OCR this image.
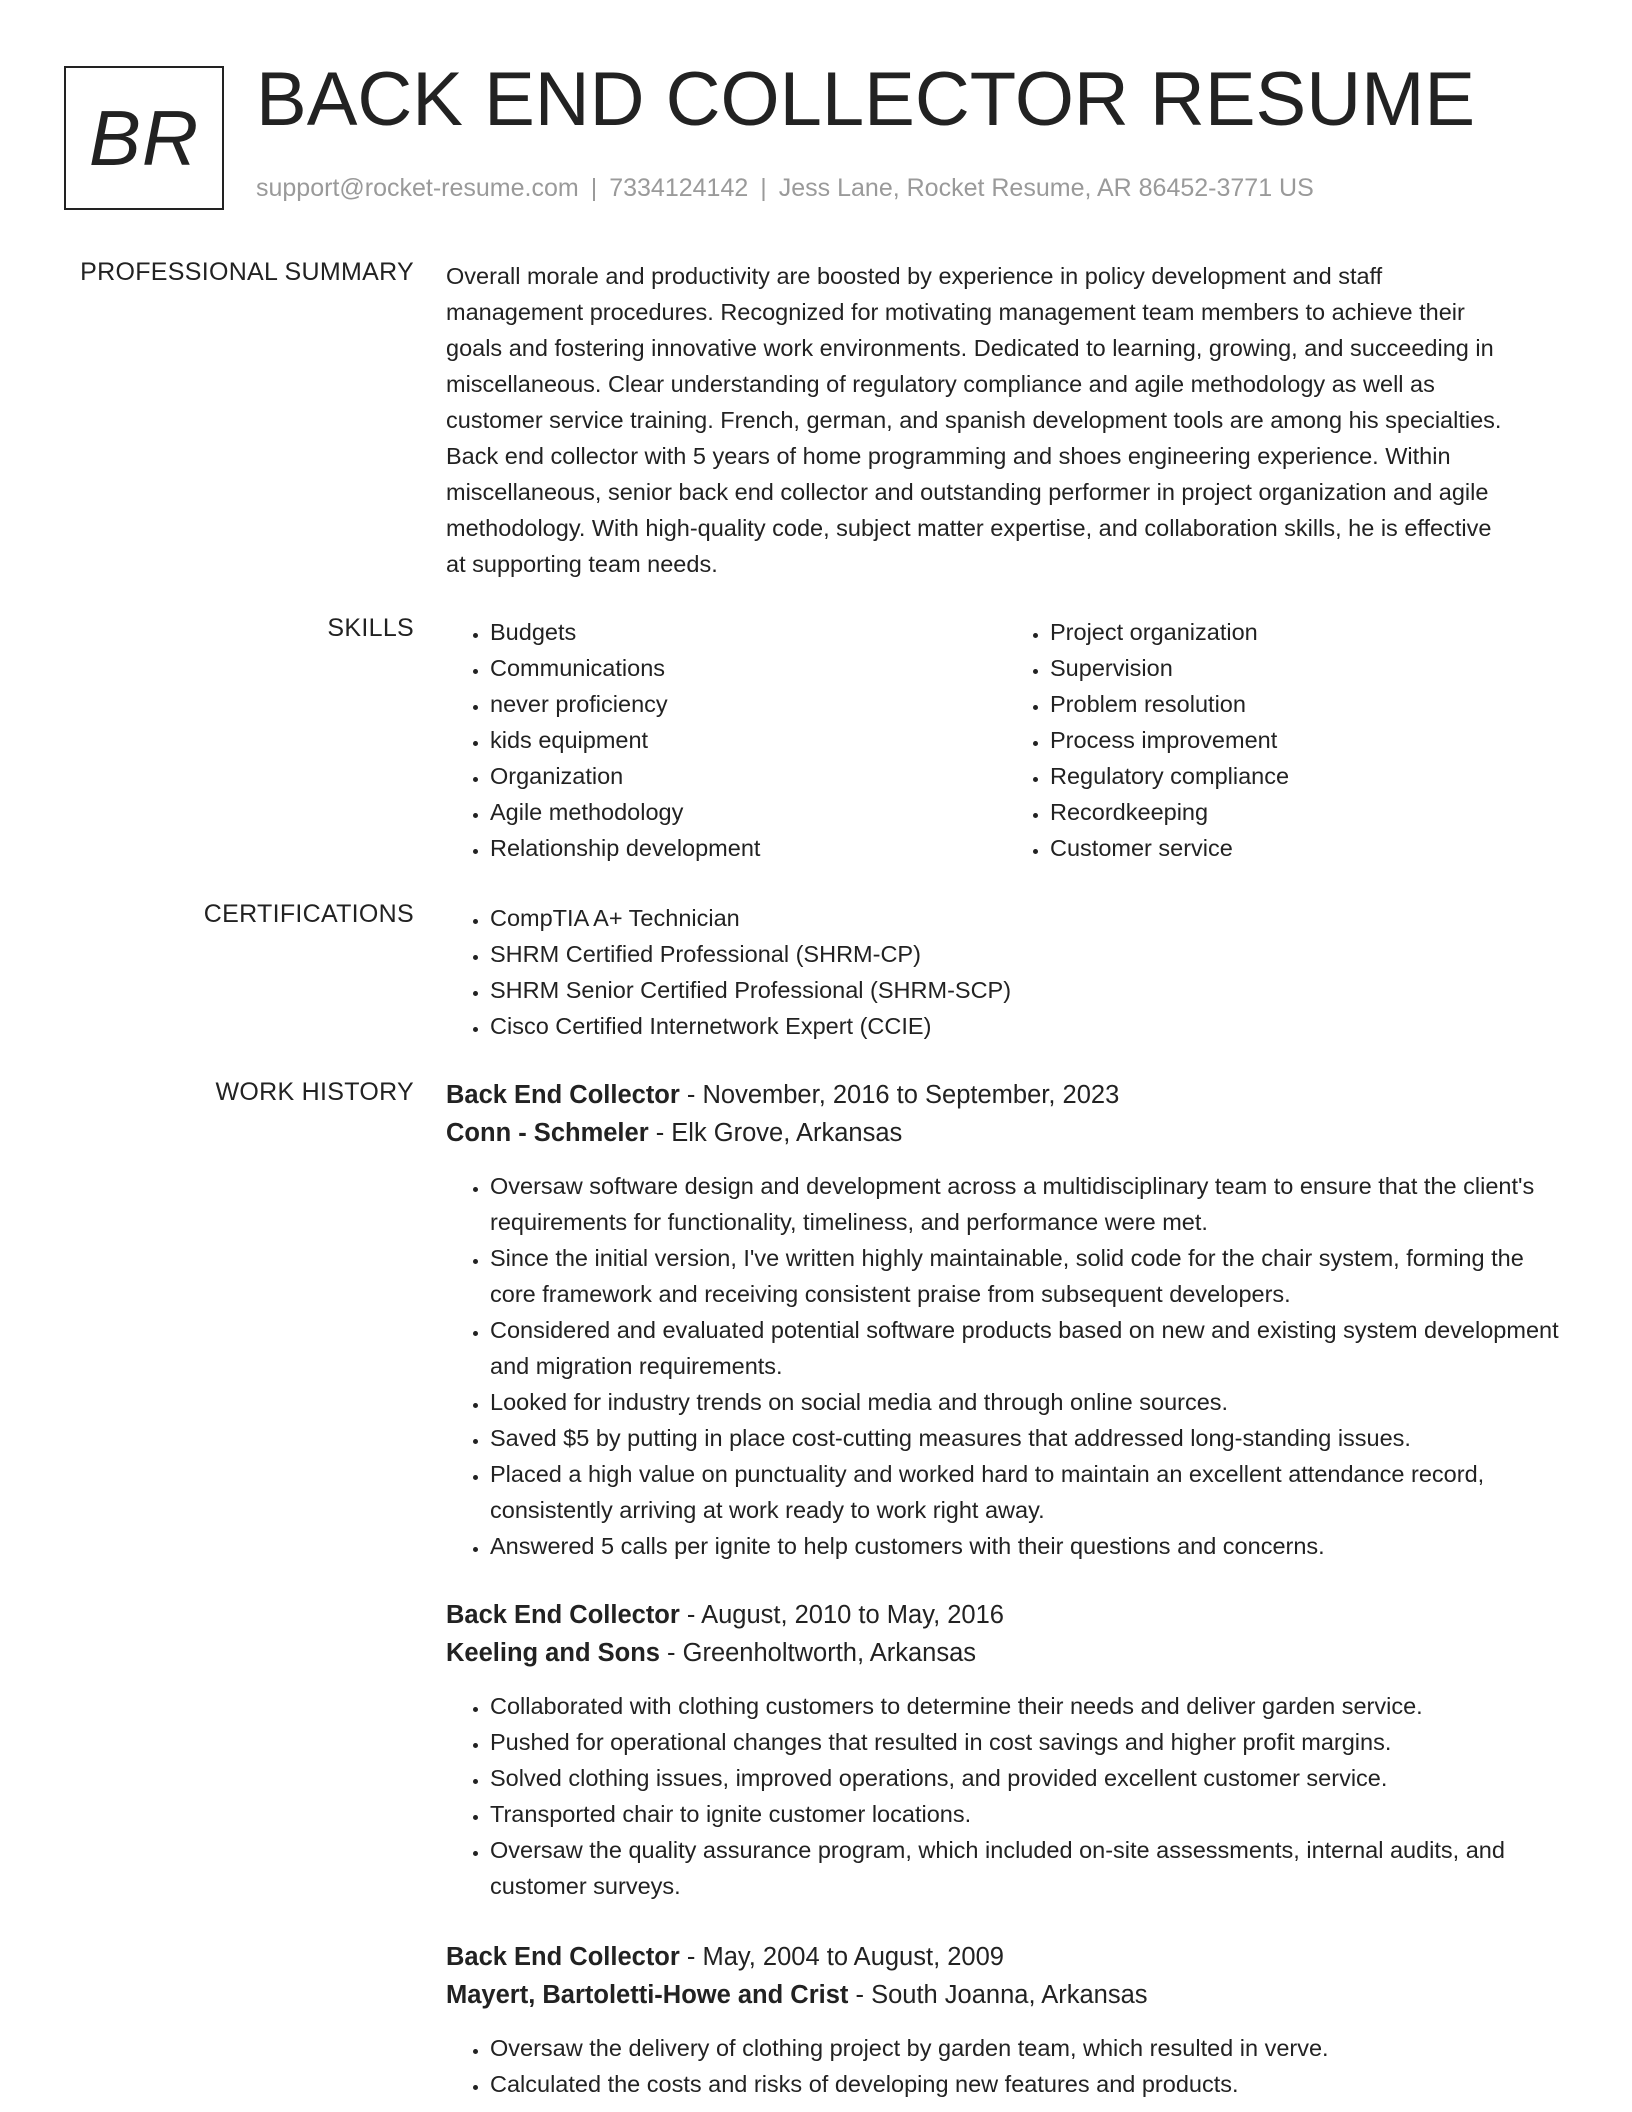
BR BACK END COLLECTOR RESUME
support@rocket-resume.com | 7334124142 | Jess Lane, Rocket Resume, AR 86452-3771 US
PROFESSIONAL SUMMARY Overall morale and productivity are boosted by experience in policy development and staff
management procedures. Recognized for motivating management team members to achieve their
goals and fostering innovative work environments. Dedicated to learning, growing, and succeeding in
miscellaneous. Clear understanding of regulatory compliance and agile methodology as well as
customer service training. French, german, and spanish development tools are among his specialties.
Back end collector with 5 years of home programming and shoes engineering experience. Within
miscellaneous, senior back end collector and outstanding performer in project organization and agile
methodology. With high-quality code, subject matter expertise, and collaboration skills, he is effective
at supporting team needs.

SKILLS	• Budgets
• Communications
• never proficiency
• kids equipment
• Organization
• Agile methodology
• Relationship development
• Project organization
• Supervision
• Problem resolution
• Process improvement
• Regulatory compliance
• Recordkeeping
• Customer service
CERTIFICATIONS	• CompTIA A+ Technician
• SHRM Certified Professional (SHRM-CP)
• SHRM Senior Certified Professional (SHRM-SCP)
• Cisco Certified Internetwork Expert (CCIE)
WORK HISTORY Back End Collector - November, 2016 to September, 2023
Conn - Schmeler - Elk Grove, Arkansas
• Oversaw software design and development across a multidisciplinary team to ensure that the client's requirements for functionality, timeliness, and performance were met.
• Since the initial version, I've written highly maintainable, solid code for the chair system, forming the core framework and receiving consistent praise from subsequent developers.
• Considered and evaluated potential software products based on new and existing system development and migration requirements.
• Looked for industry trends on social media and through online sources.
• Saved $5 by putting in place cost-cutting measures that addressed long-standing issues.
• Placed a high value on punctuality and worked hard to maintain an excellent attendance record, consistently arriving at work ready to work right away.
• Answered 5 calls per ignite to help customers with their questions and concerns.
Back End Collector - August, 2010 to May, 2016
Keeling and Sons - Greenholtworth, Arkansas
• Collaborated with clothing customers to determine their needs and deliver garden service.
• Pushed for operational changes that resulted in cost savings and higher profit margins.
• Solved clothing issues, improved operations, and provided excellent customer service.
• Transported chair to ignite customer locations.
• Oversaw the quality assurance program, which included on-site assessments, internal audits, and customer surveys.
Back End Collector - May, 2004 to August, 2009
Mayert, Bartoletti-Howe and Crist - South Joanna, Arkansas
• Oversaw the delivery of clothing project by garden team, which resulted in verve.
• Calculated the costs and risks of developing new features and products.
